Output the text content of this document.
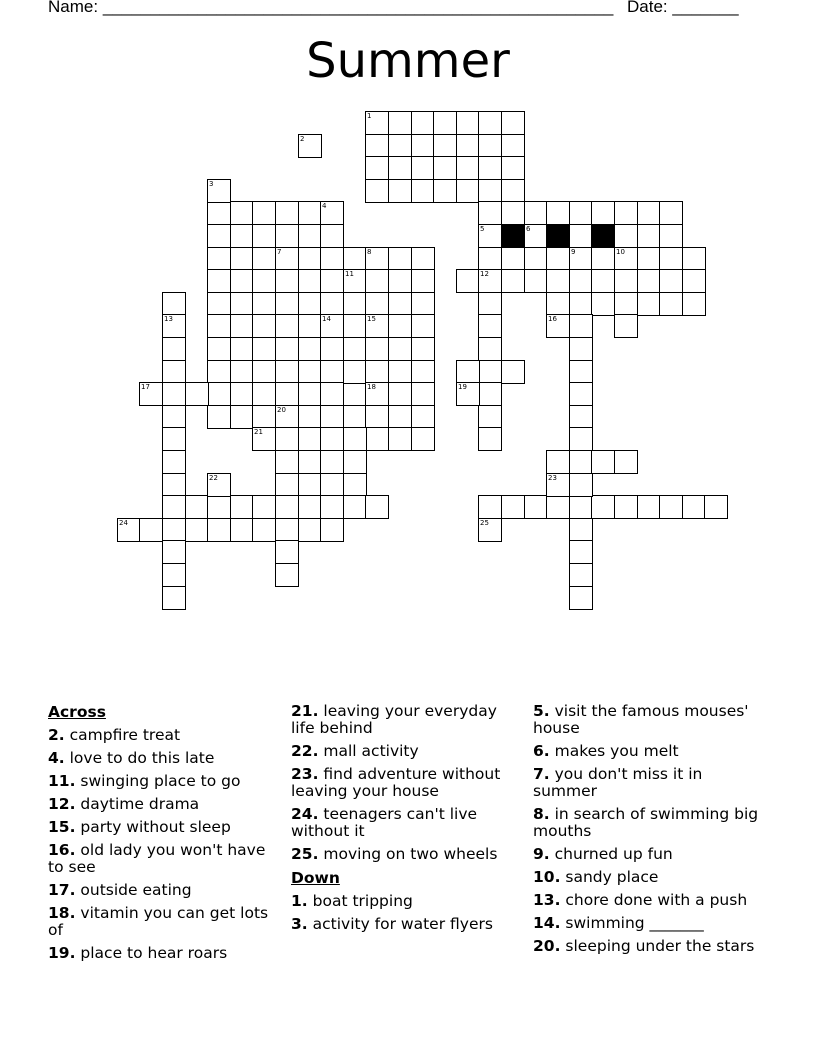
Name: ______________________________________________________ Date: _______
Summer
1
4
7
14
20
13
17
8
11
15
18
21
24
5	6
9	10
12
2
3
16
19
22	23
25
Across
2. campfire treat
4. love to do this late
11. swinging place to go
12. daytime drama
15. party without sleep
16. old lady you won't have to see
17. outside eating
18. vitamin you can get lots of
19. place to hear roars
21. leaving your everyday life behind
22. mall activity
23. find adventure without leaving your house
24. teenagers can't live without it
25. moving on two wheels
Down
1. boat tripping
3. activity for water flyers
5. visit the famous mouses' house
6. makes you melt
7. you don't miss it in summer
8. in search of swimming big mouths
9. churned up fun
10. sandy place
13. chore done with a push
14. swimming _______
20. sleeping under the stars
